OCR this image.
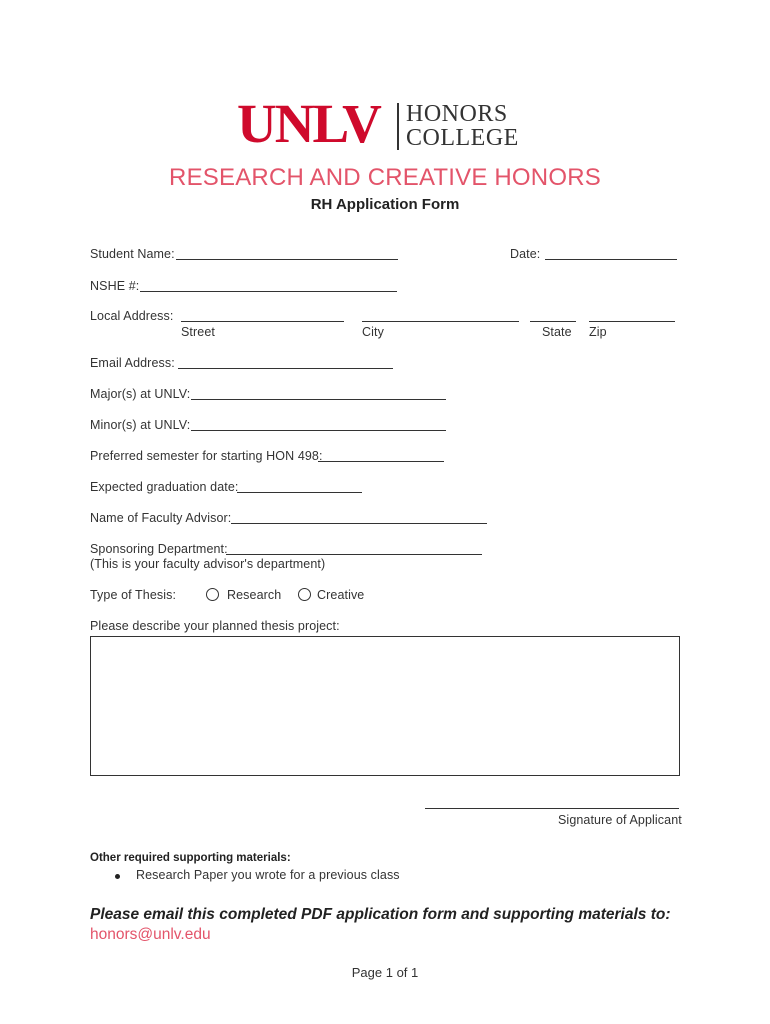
UNLV HONORS
COLLEGE
RESEARCH AND CREATIVE HONORS
RH Application Form
Student Name:	Date:
NSHE #:
Local Address:
Street	City	State Zip
Email Address:
Major(s) at UNLV:
Minor(s) at UNLV:
Preferred semester for starting HON 498:
Expected graduation date:
Name of Faculty Advisor:
Sponsoring Department:
(This is your faculty advisor's department)
Type of Thesis:	Research	Creative
Please describe your planned thesis project:
Signature of Applicant
Other required supporting materials:
Research Paper you wrote for a previous class
Please email this completed PDF application form and supporting materials to:
honors@unlv.edu
Page 1 of 1
